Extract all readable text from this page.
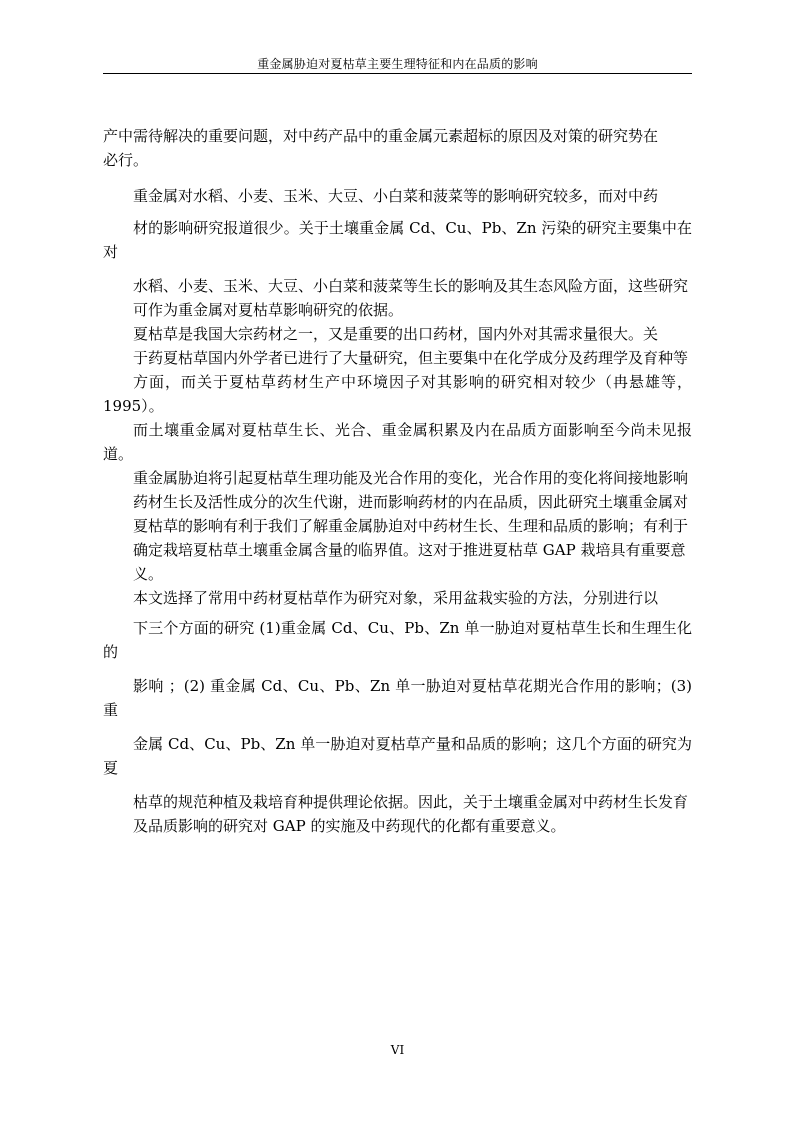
重金属胁迫对夏枯草主要生理特征和内在品质的影响

产中需待解决的重要问题，对中药产品中的重金属元素超标的原因及对策的研究势在
必行。

重金属对水稻、小麦、玉米、大豆、小白菜和菠菜等的影响研究较多，而对中药
材的影响研究报道很少。关于土壤重金属 Cd、Cu、Pb、Zn 污染的研究主要集中在对
水稻、小麦、玉米、大豆、小白菜和菠菜等生长的影响及其生态风险方面，这些研究
可作为重金属对夏枯草影响研究的依据。

夏枯草是我国大宗药材之一，又是重要的出口药材，国内外对其需求量很大。关
于药夏枯草国内外学者已进行了大量研究，但主要集中在化学成分及药理学及育种等
方面，而关于夏枯草药材生产中环境因子对其影响的研究相对较少（冉悬雄等，1995）。
而土壤重金属对夏枯草生长、光合、重金属积累及内在品质方面影响至今尚未见报道。
重金属胁迫将引起夏枯草生理功能及光合作用的变化，光合作用的变化将间接地影响
药材生长及活性成分的次生代谢，进而影响药材的内在品质，因此研究土壤重金属对
夏枯草的影响有利于我们了解重金属胁迫对中药材生长、生理和品质的影响；有利于
确定栽培夏枯草土壤重金属含量的临界值。这对于推进夏枯草 GAP 栽培具有重要意
义。

本文选择了常用中药材夏枯草作为研究对象，采用盆栽实验的方法，分别进行以
下三个方面的研究 (1)重金属 Cd、Cu、Pb、Zn 单一胁迫对夏枯草生长和生理生化的
影响 ；(2) 重金属 Cd、Cu、Pb、Zn 单一胁迫对夏枯草花期光合作用的影响；(3) 重
金属 Cd、Cu、Pb、Zn 单一胁迫对夏枯草产量和品质的影响；这几个方面的研究为夏
枯草的规范种植及栽培育种提供理论依据。因此，关于土壤重金属对中药材生长发育
及品质影响的研究对 GAP 的实施及中药现代的化都有重要意义。

VI
